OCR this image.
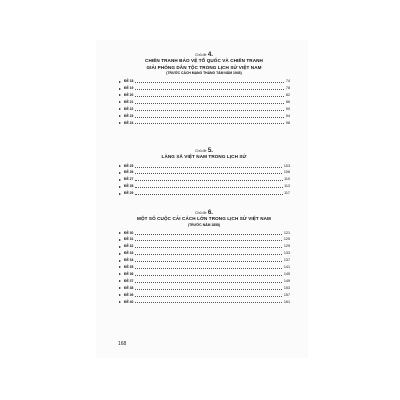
Chủ đề 4.
CHIẾN TRANH BẢO VỆ TỔ QUỐC VÀ CHIẾN TRANH
GIẢI PHÓNG DÂN TỘC TRONG LỊCH SỬ VIỆT NAM
(TRƯỚC CÁCH MẠNG THÁNG TÁM NĂM 1945)
ĐỀ 18	74
ĐỀ 19	78
ĐỀ 20	82
ĐỀ 21	86
ĐỀ 22	90
ĐỀ 23	94
ĐỀ 24	98
Chủ đề 5.
LÀNG XÃ VIỆT NAM TRONG LỊCH SỬ
ĐỀ 25	103
ĐỀ 26	106
ĐỀ 27	110
ĐỀ 28	113
ĐỀ 29	117
Chủ đề 6.
MỘT SỐ CUỘC CẢI CÁCH LỚN TRONG LỊCH SỬ VIỆT NAM
(TRƯỚC NĂM 1858)
ĐỀ 30	121
ĐỀ 31	125
ĐỀ 32	129
ĐỀ 33	133
ĐỀ 34	137
ĐỀ 35	141
ĐỀ 36	145
ĐỀ 37	149
ĐỀ 38	153
ĐỀ 39	157
ĐỀ 40	161
168
